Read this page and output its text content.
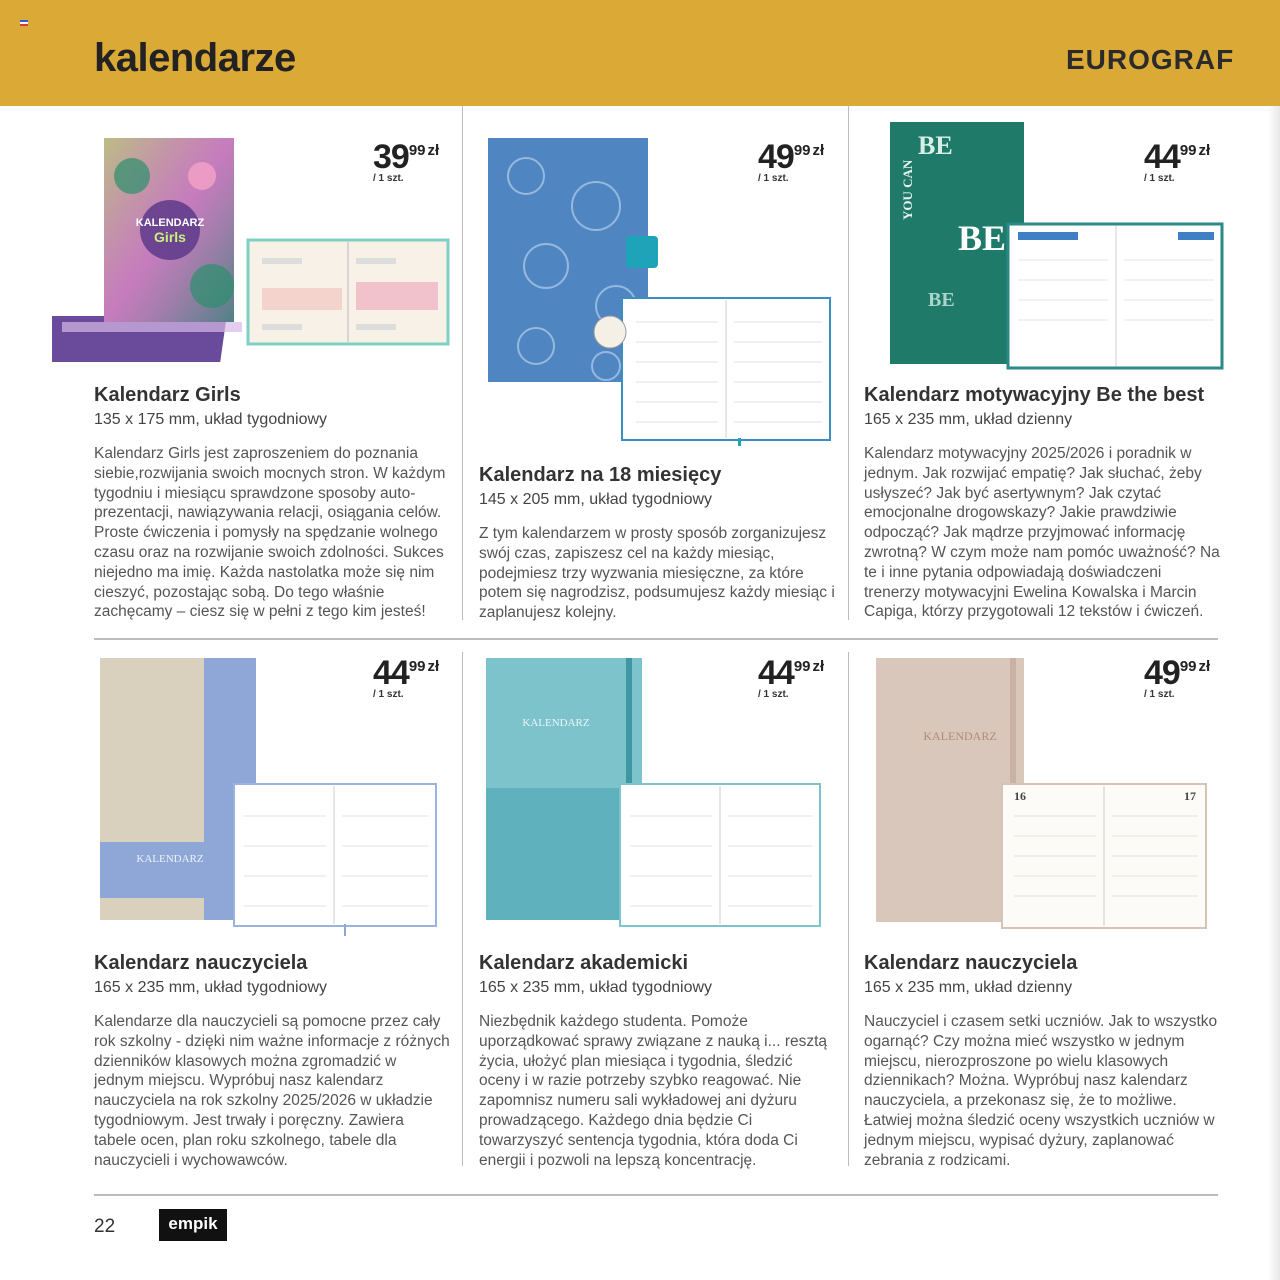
kalendarze	EUROGRAF
KALENDARZ
Girls
3999 zł
/ 1 szt.
Kalendarz Girls
135 x 175 mm, układ tygodniowy
Kalendarz Girls jest zaproszeniem do poznania siebie,rozwijania swoich mocnych stron. W każdym tygodniu i miesiącu sprawdzone sposoby auto-prezentacji, nawiązywania relacji, osiągania celów. Proste ćwiczenia i pomysły na spędzanie wolnego czasu oraz na rozwijanie swoich zdolności. Sukces niejedno ma imię. Każda nastolatka może się nim cieszyć, pozostając sobą. Do tego właśnie zachęcamy – ciesz się w pełni z tego kim jesteś!
4999 zł
/ 1 szt.
Kalendarz na 18 miesięcy
145 x 205 mm, układ tygodniowy
Z tym kalendarzem w prosty sposób zorganizujesz swój czas, zapiszesz cel na każdy miesiąc, podejmiesz trzy wyzwania miesięczne, za które potem się nagrodzisz, podsumujesz każdy miesiąc i zaplanujesz kolejny.
BE
BE
BE
YOU CAN
4499 zł
/ 1 szt.
Kalendarz motywacyjny Be the best
165 x 235 mm, układ dzienny
Kalendarz motywacyjny 2025/2026 i poradnik w jednym. Jak rozwijać empatię? Jak słuchać, żeby usłyszeć? Jak być asertywnym? Jak czytać emocjonalne drogowskazy? Jakie prawdziwie odpocząć? Jak mądrze przyjmować informację zwrotną? W czym może nam pomóc uważność? Na te i inne pytania odpowiadają doświadczeni trenerzy motywacyjni Ewelina Kowalska i Marcin Capiga, którzy przygotowali 12 tekstów i ćwiczeń.
KALENDARZ
4499 zł
/ 1 szt.
Kalendarz nauczyciela
165 x 235 mm, układ tygodniowy
Kalendarze dla nauczycieli są pomocne przez cały rok szkolny - dzięki nim ważne informacje z różnych dzienników klasowych można zgromadzić w jednym miejscu. Wypróbuj nasz kalendarz nauczyciela na rok szkolny 2025/2026 w układzie tygodniowym. Jest trwały i poręczny. Zawiera tabele ocen, plan roku szkolnego, tabele dla nauczycieli i wychowawców.
KALENDARZ
4499 zł
/ 1 szt.
Kalendarz akademicki
165 x 235 mm, układ tygodniowy
Niezbędnik każdego studenta. Pomoże uporządkować sprawy związane z nauką i... resztą życia, ułożyć plan miesiąca i tygodnia, śledzić oceny i w razie potrzeby szybko reagować. Nie zapomnisz numeru sali wykładowej ani dyżuru prowadzącego. Każdego dnia będzie Ci towarzyszyć sentencja tygodnia, która doda Ci energii i pozwoli na lepszą koncentrację.
KALENDARZ
16	17
4999 zł
/ 1 szt.
Kalendarz nauczyciela
165 x 235 mm, układ dzienny
Nauczyciel i czasem setki uczniów. Jak to wszystko ogarnąć? Czy można mieć wszystko w jednym miejscu, nierozproszone po wielu klasowych dziennikach? Można. Wypróbuj nasz kalendarz nauczyciela, a przekonasz się, że to możliwe. Łatwiej można śledzić oceny wszystkich uczniów w jednym miejscu, wypisać dyżury, zaplanować zebrania z rodzicami.
22	empik
